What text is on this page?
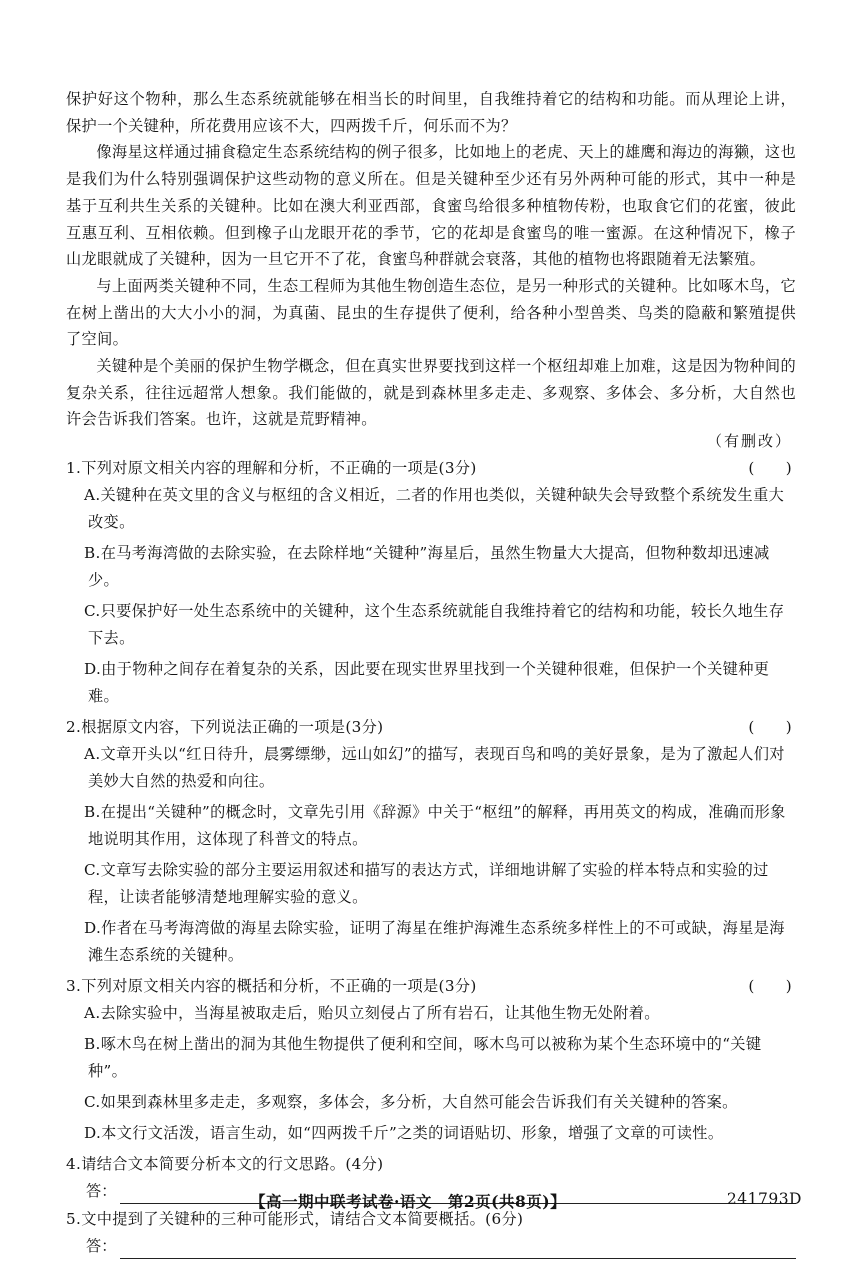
保护好这个物种，那么生态系统就能够在相当长的时间里，自我维持着它的结构和功能。而从理论上讲，保护一个关键种，所花费用应该不大，四两拨千斤，何乐而不为？

像海星这样通过捕食稳定生态系统结构的例子很多，比如地上的老虎、天上的雄鹰和海边的海獭，这也是我们为什么特别强调保护这些动物的意义所在。但是关键种至少还有另外两种可能的形式，其中一种是基于互利共生关系的关键种。比如在澳大利亚西部，食蜜鸟给很多种植物传粉，也取食它们的花蜜，彼此互惠互利、互相依赖。但到橡子山龙眼开花的季节，它的花却是食蜜鸟的唯一蜜源。在这种情况下，橡子山龙眼就成了关键种，因为一旦它开不了花，食蜜鸟种群就会衰落，其他的植物也将跟随着无法繁殖。

与上面两类关键种不同，生态工程师为其他生物创造生态位，是另一种形式的关键种。比如啄木鸟，它在树上凿出的大大小小的洞，为真菌、昆虫的生存提供了便利，给各种小型兽类、鸟类的隐蔽和繁殖提供了空间。

关键种是个美丽的保护生物学概念，但在真实世界要找到这样一个枢纽却难上加难，这是因为物种间的复杂关系，往往远超常人想象。我们能做的，就是到森林里多走走、多观察、多体会、多分析，大自然也许会告诉我们答案。也许，这就是荒野精神。

（有删改）
1.下列对原文相关内容的理解和分析，不正确的一项是(3分)	(　　)
A.关键种在英文里的含义与枢纽的含义相近，二者的作用也类似，关键种缺失会导致整个系统发生重大改变。
B.在马考海湾做的去除实验，在去除样地“关键种”海星后，虽然生物量大大提高，但物种数却迅速减少。
C.只要保护好一处生态系统中的关键种，这个生态系统就能自我维持着它的结构和功能，较长久地生存下去。
D.由于物种之间存在着复杂的关系，因此要在现实世界里找到一个关键种很难，但保护一个关键种更难。
2.根据原文内容，下列说法正确的一项是(3分)	(　　)
A.文章开头以“红日待升，晨雾缥缈，远山如幻”的描写，表现百鸟和鸣的美好景象，是为了激起人们对美妙大自然的热爱和向往。
B.在提出“关键种”的概念时，文章先引用《辞源》中关于“枢纽”的解释，再用英文的构成，准确而形象地说明其作用，这体现了科普文的特点。
C.文章写去除实验的部分主要运用叙述和描写的表达方式，详细地讲解了实验的样本特点和实验的过程，让读者能够清楚地理解实验的意义。
D.作者在马考海湾做的海星去除实验，证明了海星在维护海滩生态系统多样性上的不可或缺，海星是海滩生态系统的关键种。
3.下列对原文相关内容的概括和分析，不正确的一项是(3分)	(　　)
A.去除实验中，当海星被取走后，贻贝立刻侵占了所有岩石，让其他生物无处附着。
B.啄木鸟在树上凿出的洞为其他生物提供了便利和空间，啄木鸟可以被称为某个生态环境中的“关键种”。
C.如果到森林里多走走，多观察，多体会，多分析，大自然可能会告诉我们有关关键种的答案。
D.本文行文活泼，语言生动，如“四两拨千斤”之类的词语贴切、形象，增强了文章的可读性。
4.请结合文本简要分析本文的行文思路。(4分)
答：
5.文中提到了关键种的三种可能形式，请结合文本简要概括。(6分)
答：
【高一期中联考试卷·语文　第2页(共8页)】	241793D
